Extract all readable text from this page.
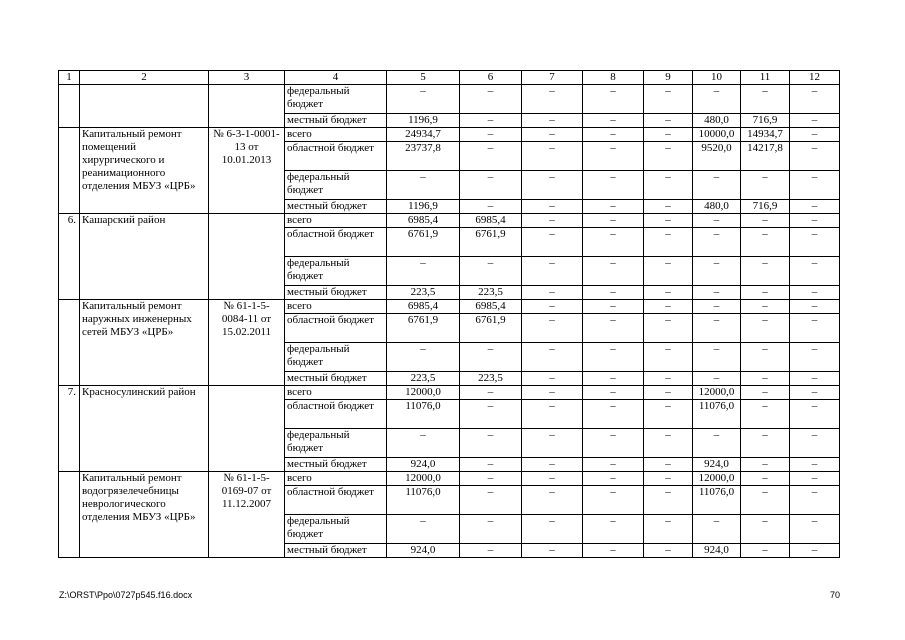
1	2	3	4	5	6	7	8	9	10	11	12
			федеральный бюджет	–	–	–	–	–	–	–	–
			местный бюджет	1196,9	–	–	–	–	480,0	716,9	–
	Капитальный ремонт помещений хирургического и реанимационного отделения МБУЗ «ЦРБ»	№ 6-3-1-0001-13 от 10.01.2013	всего	24934,7	–	–	–	–	10000,0	14934,7	–
			областной бюджет	23737,8	–	–	–	–	9520,0	14217,8	–
			федеральный бюджет	–	–	–	–	–	–	–	–
			местный бюджет	1196,9	–	–	–	–	480,0	716,9	–
6.	Кашарский район		всего	6985,4	6985,4	–	–	–	–	–	–
			областной бюджет	6761,9	6761,9	–	–	–	–	–	–
			федеральный бюджет	–	–	–	–	–	–	–	–
			местный бюджет	223,5	223,5	–	–	–	–	–	–
	Капитальный ремонт наружных инженерных сетей МБУЗ «ЦРБ»	№ 61-1-5-0084-11 от 15.02.2011	всего	6985,4	6985,4	–	–	–	–	–	–
			областной бюджет	6761,9	6761,9	–	–	–	–	–	–
			федеральный бюджет	–	–	–	–	–	–	–	–
			местный бюджет	223,5	223,5	–	–	–	–	–	–
7.	Красносулинский район		всего	12000,0	–	–	–	–	12000,0	–	–
			областной бюджет	11076,0	–	–	–	–	11076,0	–	–
			федеральный бюджет	–	–	–	–	–	–	–	–
			местный бюджет	924,0	–	–	–	–	924,0	–	–
	Капитальный ремонт водогрязелечебницы неврологического отделения МБУЗ «ЦРБ»	№ 61-1-5-0169-07 от 11.12.2007	всего	12000,0	–	–	–	–	12000,0	–	–
			областной бюджет	11076,0	–	–	–	–	11076,0	–	–
			федеральный бюджет	–	–	–	–	–	–	–	–
			местный бюджет	924,0	–	–	–	–	924,0	–	–
Z:\ORST\Ppo\0727p545.f16.docx	70
